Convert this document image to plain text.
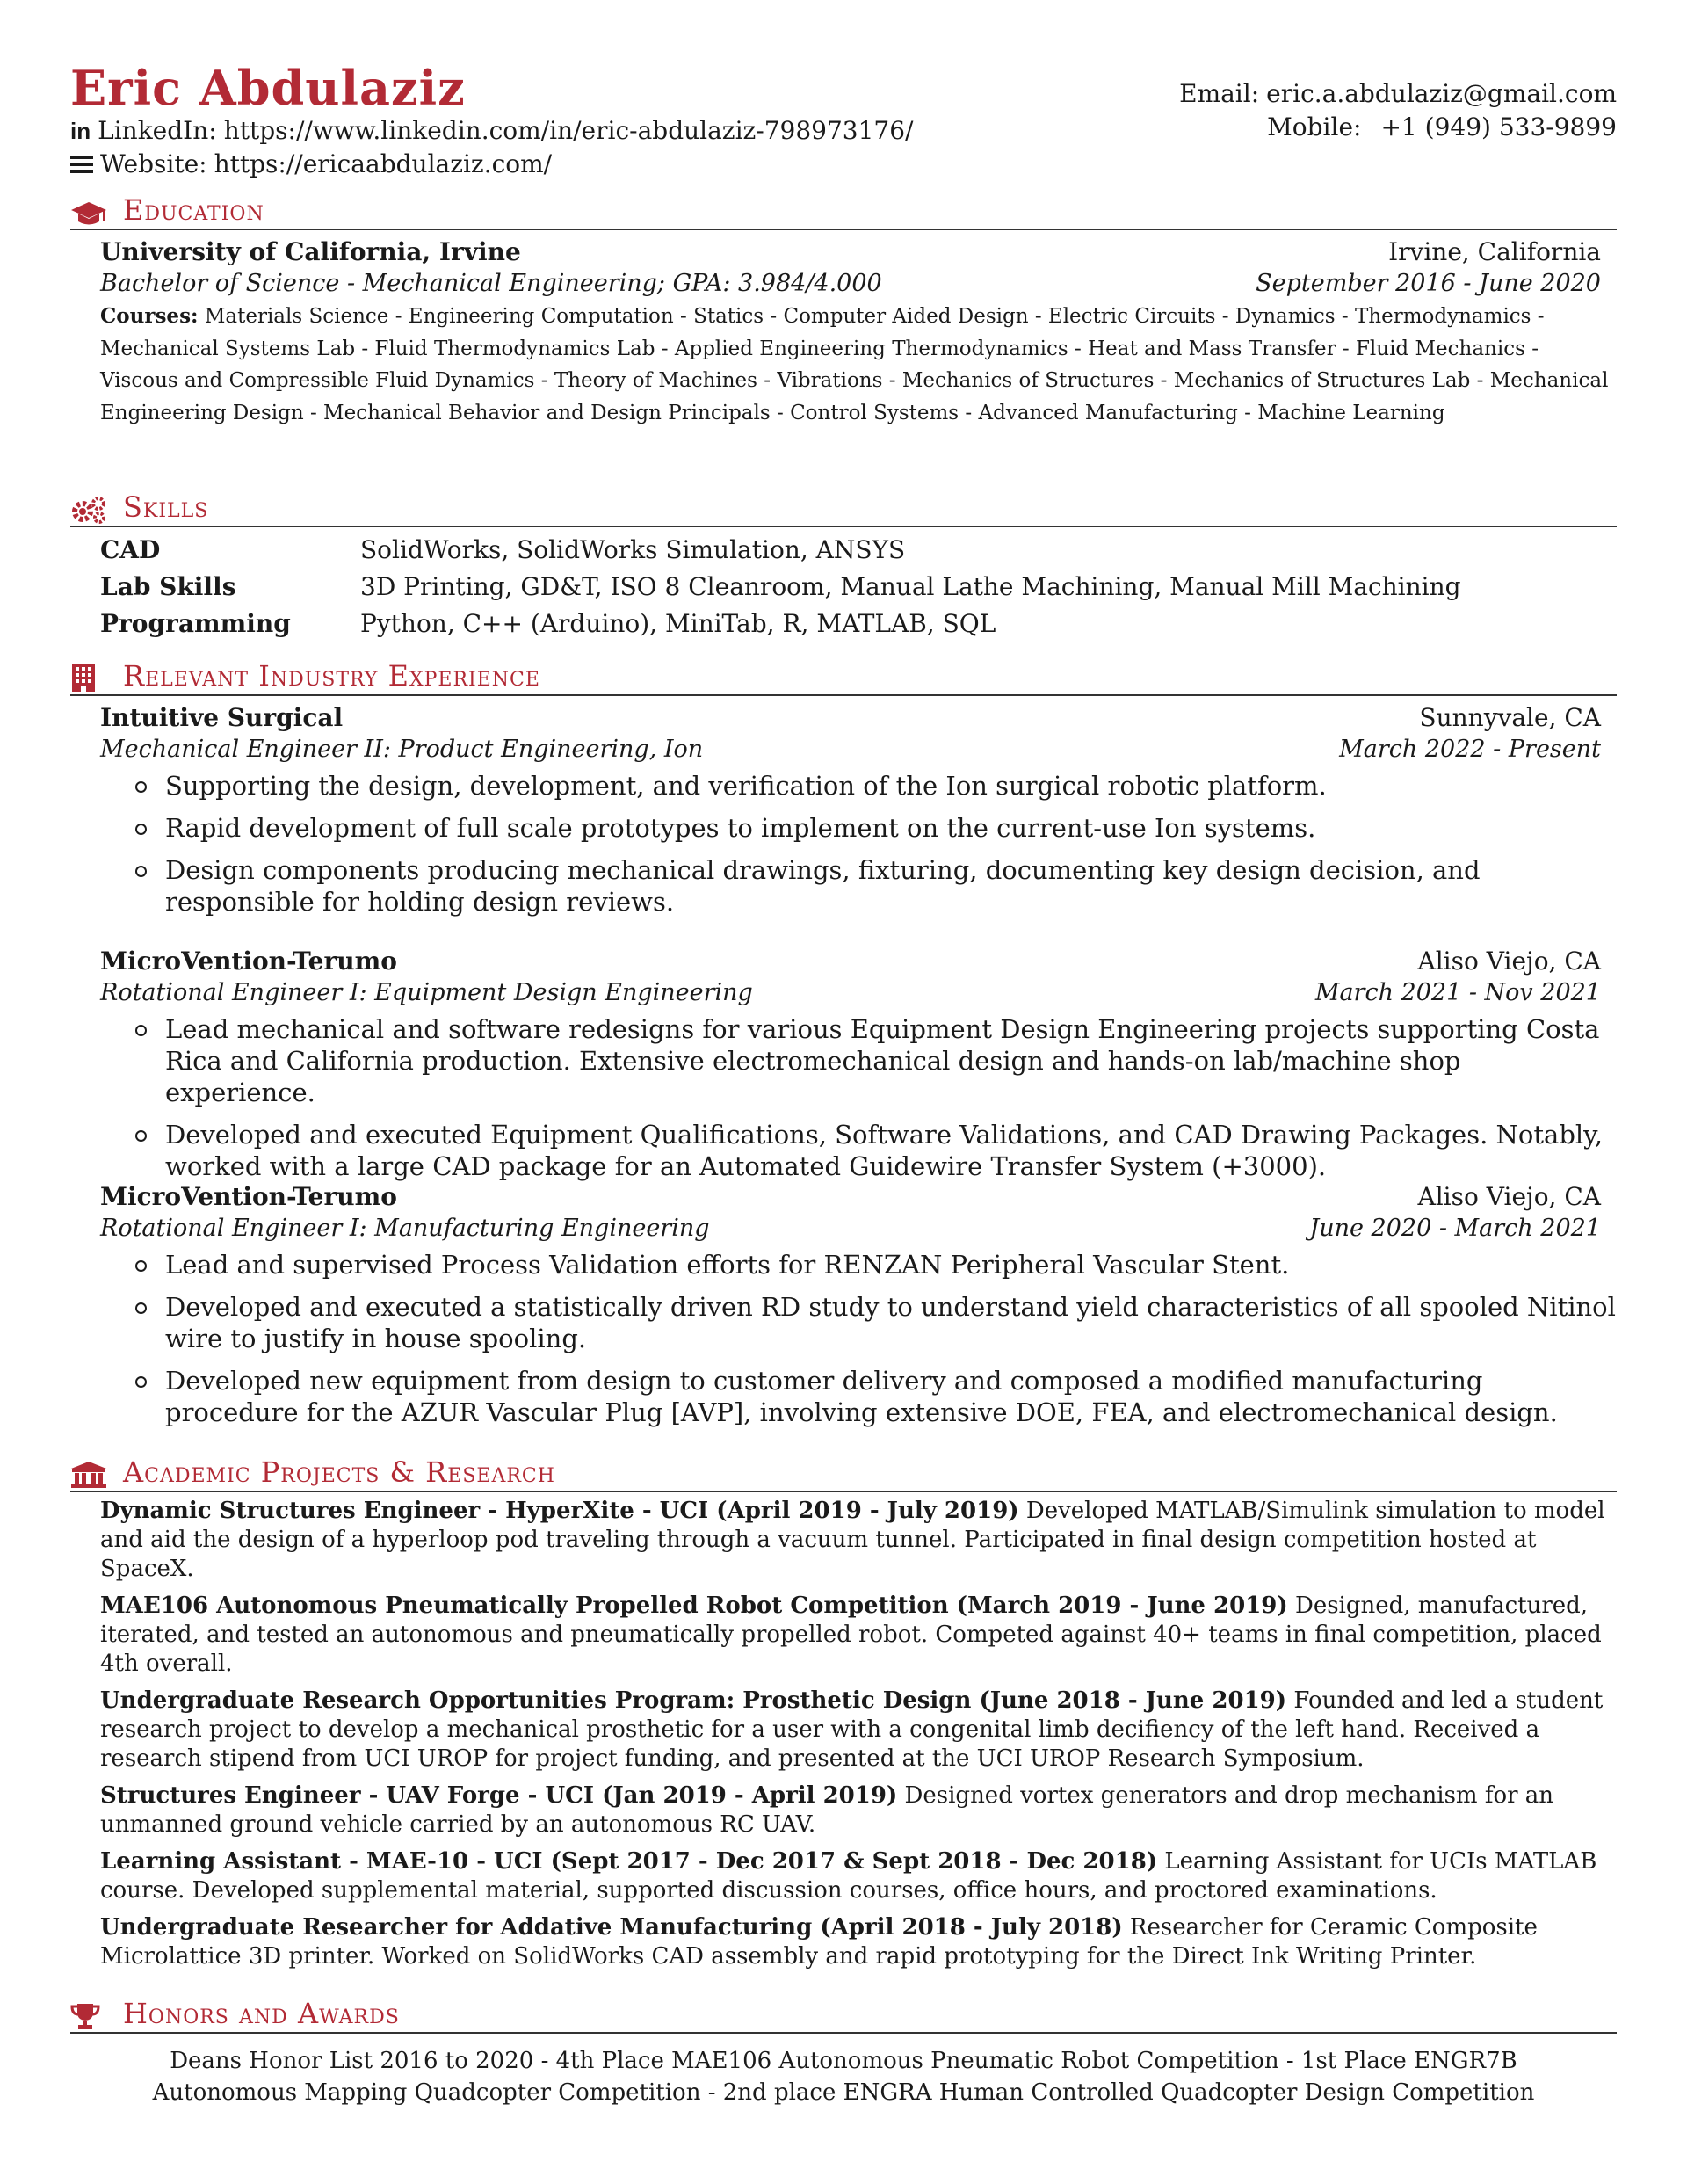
Eric Abdulaziz
in LinkedIn: https://www.linkedin.com/in/eric-abdulaziz-798973176/
Website: https://ericaabdulaziz.com/
Email: eric.a.abdulaziz@gmail.com
Mobile: +1 (949) 533-9899
Education
University of California, Irvine	Irvine, California
Bachelor of Science - Mechanical Engineering; GPA: 3.984/4.000	September 2016 - June 2020
Courses: Materials Science - Engineering Computation - Statics - Computer Aided Design - Electric Circuits - Dynamics - Thermodynamics - Mechanical Systems Lab - Fluid Thermodynamics Lab - Applied Engineering Thermodynamics - Heat and Mass Transfer - Fluid Mechanics - Viscous and Compressible Fluid Dynamics - Theory of Machines - Vibrations - Mechanics of Structures - Mechanics of Structures Lab - Mechanical Engineering Design - Mechanical Behavior and Design Principals - Control Systems - Advanced Manufacturing - Machine Learning
Skills
CAD	SolidWorks, SolidWorks Simulation, ANSYS
Lab Skills	3D Printing, GD&T, ISO 8 Cleanroom, Manual Lathe Machining, Manual Mill Machining
Programming	Python, C++ (Arduino), MiniTab, R, MATLAB, SQL
Relevant Industry Experience
Intuitive Surgical	Sunnyvale, CA
Mechanical Engineer II: Product Engineering, Ion	March 2022 - Present
Supporting the design, development, and verification of the Ion surgical robotic platform.
Rapid development of full scale prototypes to implement on the current-use Ion systems.
Design components producing mechanical drawings, fixturing, documenting key design decision, and responsible for holding design reviews.
MicroVention-Terumo	Aliso Viejo, CA
Rotational Engineer I: Equipment Design Engineering	March 2021 - Nov 2021
Lead mechanical and software redesigns for various Equipment Design Engineering projects supporting Costa Rica and California production. Extensive electromechanical design and hands-on lab/machine shop experience.
Developed and executed Equipment Qualifications, Software Validations, and CAD Drawing Packages. Notably, worked with a large CAD package for an Automated Guidewire Transfer System (+3000).
MicroVention-Terumo	Aliso Viejo, CA
Rotational Engineer I: Manufacturing Engineering	June 2020 - March 2021
Lead and supervised Process Validation efforts for RENZAN Peripheral Vascular Stent.
Developed and executed a statistically driven RD study to understand yield characteristics of all spooled Nitinol wire to justify in house spooling.
Developed new equipment from design to customer delivery and composed a modified manufacturing procedure for the AZUR Vascular Plug [AVP], involving extensive DOE, FEA, and electromechanical design.
Academic Projects & Research
Dynamic Structures Engineer - HyperXite - UCI (April 2019 - July 2019) Developed MATLAB/Simulink simulation to model and aid the design of a hyperloop pod traveling through a vacuum tunnel. Participated in final design competition hosted at SpaceX.
MAE106 Autonomous Pneumatically Propelled Robot Competition (March 2019 - June 2019) Designed, manufactured, iterated, and tested an autonomous and pneumatically propelled robot. Competed against 40+ teams in final competition, placed 4th overall.
Undergraduate Research Opportunities Program: Prosthetic Design (June 2018 - June 2019) Founded and led a student research project to develop a mechanical prosthetic for a user with a congenital limb decifiency of the left hand. Received a research stipend from UCI UROP for project funding, and presented at the UCI UROP Research Symposium.
Structures Engineer - UAV Forge - UCI (Jan 2019 - April 2019) Designed vortex generators and drop mechanism for an unmanned ground vehicle carried by an autonomous RC UAV.
Learning Assistant - MAE-10 - UCI (Sept 2017 - Dec 2017 & Sept 2018 - Dec 2018) Learning Assistant for UCIs MATLAB course. Developed supplemental material, supported discussion courses, office hours, and proctored examinations.
Undergraduate Researcher for Addative Manufacturing (April 2018 - July 2018) Researcher for Ceramic Composite Microlattice 3D printer. Worked on SolidWorks CAD assembly and rapid prototyping for the Direct Ink Writing Printer.
Honors and Awards
Deans Honor List 2016 to 2020 - 4th Place MAE106 Autonomous Pneumatic Robot Competition - 1st Place ENGR7B
Autonomous Mapping Quadcopter Competition - 2nd place ENGRA Human Controlled Quadcopter Design Competition
